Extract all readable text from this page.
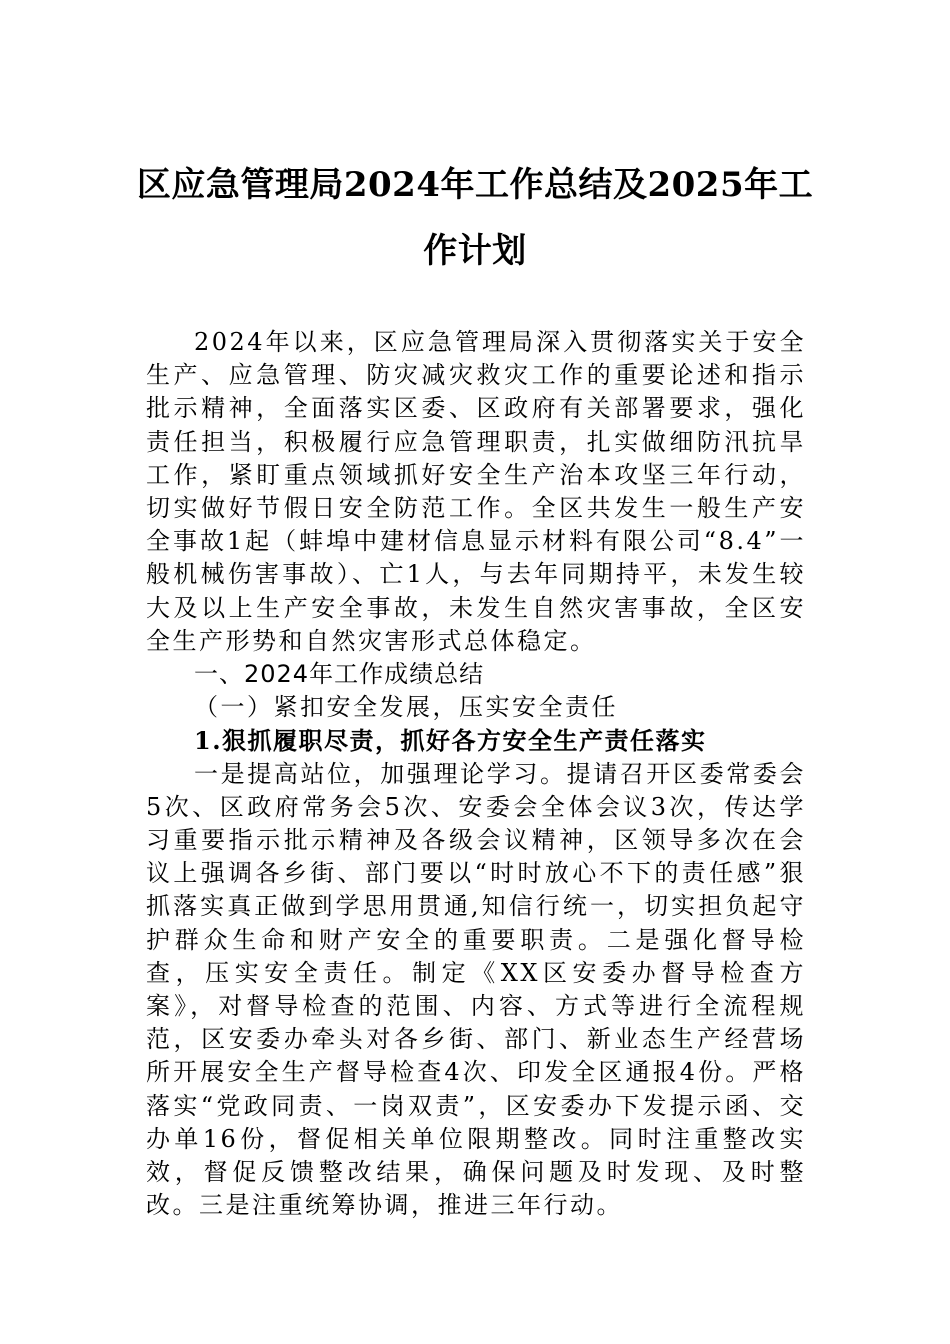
区应急管理局2024年工作总结及2025年工作计划

2024年以来，区应急管理局深入贯彻落实关于安全生产、应急管理、防灾减灾救灾工作的重要论述和指示批示精神，全面落实区委、区政府有关部署要求，强化责任担当，积极履行应急管理职责，扎实做细防汛抗旱工作，紧盯重点领域抓好安全生产治本攻坚三年行动，切实做好节假日安全防范工作。全区共发生一般生产安全事故1起（蚌埠中建材信息显示材料有限公司“8.4”一般机械伤害事故）、亡1人，与去年同期持平，未发生较大及以上生产安全事故，未发生自然灾害事故，全区安全生产形势和自然灾害形式总体稳定。

一、2024年工作成绩总结

（一）紧扣安全发展，压实安全责任

1.狠抓履职尽责，抓好各方安全生产责任落实

一是提高站位，加强理论学习。提请召开区委常委会5次、区政府常务会5次、安委会全体会议3次，传达学习重要指示批示精神及各级会议精神，区领导多次在会议上强调各乡街、部门要以“时时放心不下的责任感”狠抓落实真正做到学思用贯通,知信行统一，切实担负起守护群众生命和财产安全的重要职责。二是强化督导检查，压实安全责任。制定《XX区安委办督导检查方案》，对督导检查的范围、内容、方式等进行全流程规范，区安委办牵头对各乡街、部门、新业态生产经营场所开展安全生产督导检查4次、印发全区通报4份。严格落实“党政同责、一岗双责”，区安委办下发提示函、交办单16份，督促相关单位限期整改。同时注重整改实效，督促反馈整改结果，确保问题及时发现、及时整改。三是注重统筹协调，推进三年行动。
